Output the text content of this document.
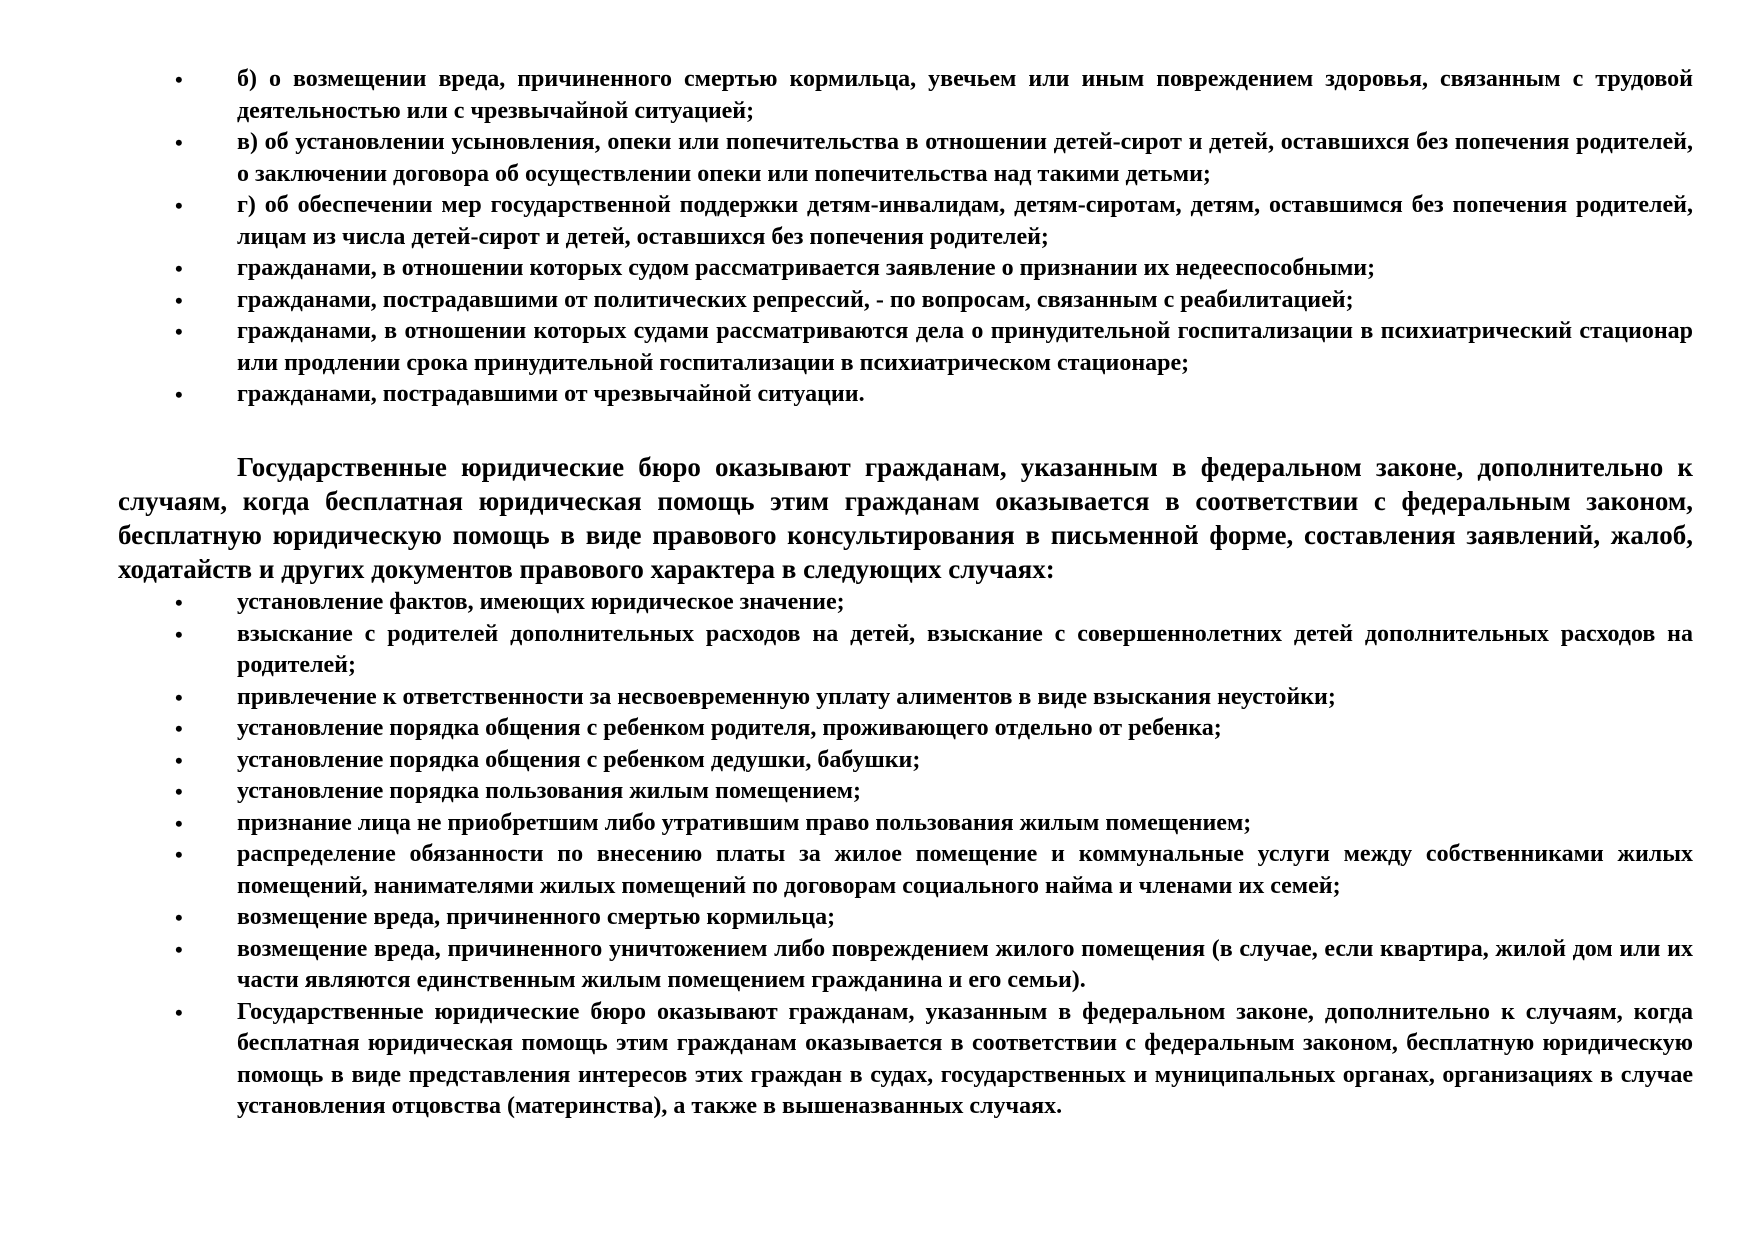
• б) о возмещении вреда, причиненного смертью кормильца, увечьем или иным повреждением здоровья, связанным с трудовой деятельностью или с чрезвычайной ситуацией;
• в) об установлении усыновления, опеки или попечительства в отношении детей-сирот и детей, оставшихся без попечения родителей, о заключении договора об осуществлении опеки или попечительства над такими детьми;
• г) об обеспечении мер государственной поддержки детям-инвалидам, детям-сиротам, детям, оставшимся без попечения родителей, лицам из числа детей-сирот и детей, оставшихся без попечения родителей;
• гражданами, в отношении которых судом рассматривается заявление о признании их недееспособными;
• гражданами, пострадавшими от политических репрессий, - по вопросам, связанным с реабилитацией;
• гражданами, в отношении которых судами рассматриваются дела о принудительной госпитализации в психиатрический стационар или продлении срока принудительной госпитализации в психиатрическом стационаре;
• гражданами, пострадавшими от чрезвычайной ситуации.

Государственные юридические бюро оказывают гражданам, указанным в федеральном законе, дополнительно к случаям, когда бесплатная юридическая помощь этим гражданам оказывается в соответствии с федеральным законом, бесплатную юридическую помощь в виде правового консультирования в письменной форме, составления заявлений, жалоб, ходатайств и других документов правового характера в следующих случаях:

• установление фактов, имеющих юридическое значение;
• взыскание с родителей дополнительных расходов на детей, взыскание с совершеннолетних детей дополнительных расходов на родителей;
• привлечение к ответственности за несвоевременную уплату алиментов в виде взыскания неустойки;
• установление порядка общения с ребенком родителя, проживающего отдельно от ребенка;
• установление порядка общения с ребенком дедушки, бабушки;
• установление порядка пользования жилым помещением;
• признание лица не приобретшим либо утратившим право пользования жилым помещением;
• распределение обязанности по внесению платы за жилое помещение и коммунальные услуги между собственниками жилых помещений, нанимателями жилых помещений по договорам социального найма и членами их семей;
• возмещение вреда, причиненного смертью кормильца;
• возмещение вреда, причиненного уничтожением либо повреждением жилого помещения (в случае, если квартира, жилой дом или их части являются единственным жилым помещением гражданина и его семьи).
• Государственные юридические бюро оказывают гражданам, указанным в федеральном законе, дополнительно к случаям, когда бесплатная юридическая помощь этим гражданам оказывается в соответствии с федеральным законом, бесплатную юридическую помощь в виде представления интересов этих граждан в судах, государственных и муниципальных органах, организациях в случае установления отцовства (материнства), а также в вышеназванных случаях.
